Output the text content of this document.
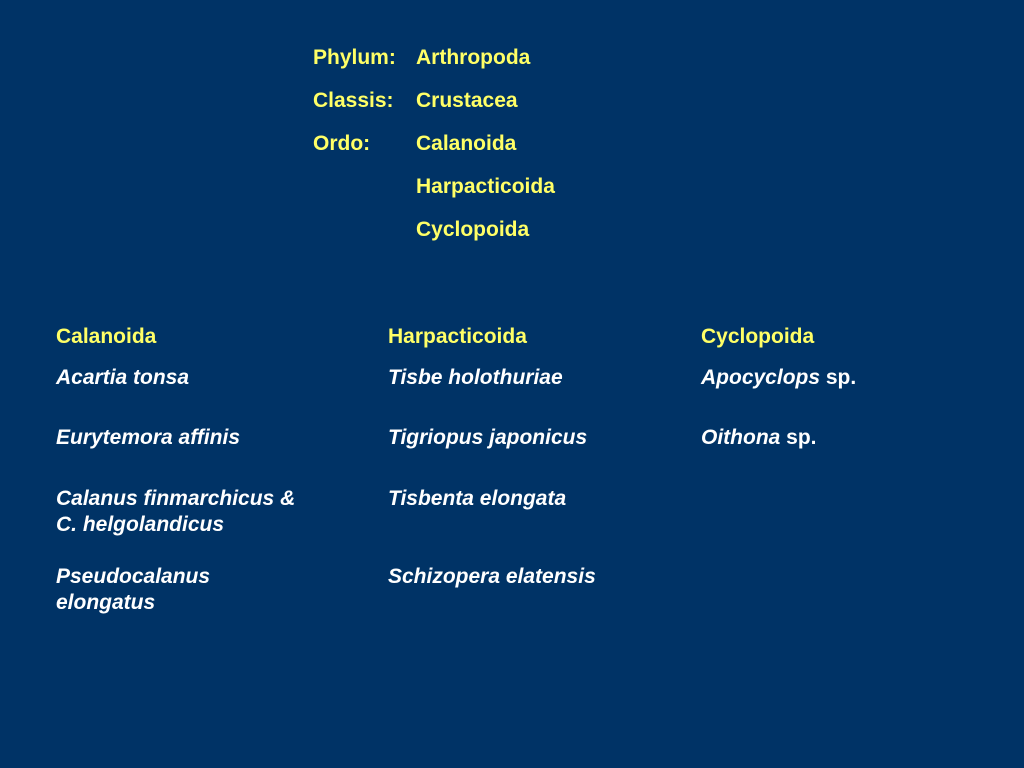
Phylum: Arthropoda
Classis: Crustacea
Ordo: Calanoida
Harpacticoida
Cyclopoida
Calanoida	Harpacticoida	Cyclopoida
Acartia tonsa
Eurytemora affinis
Calanus finmarchicus &
C. helgolandicus
Pseudocalanus
elongatus
Tisbe holothuriae
Tigriopus japonicus
Tisbenta elongata
Schizopera elatensis
Apocyclops sp.
Oithona sp.
